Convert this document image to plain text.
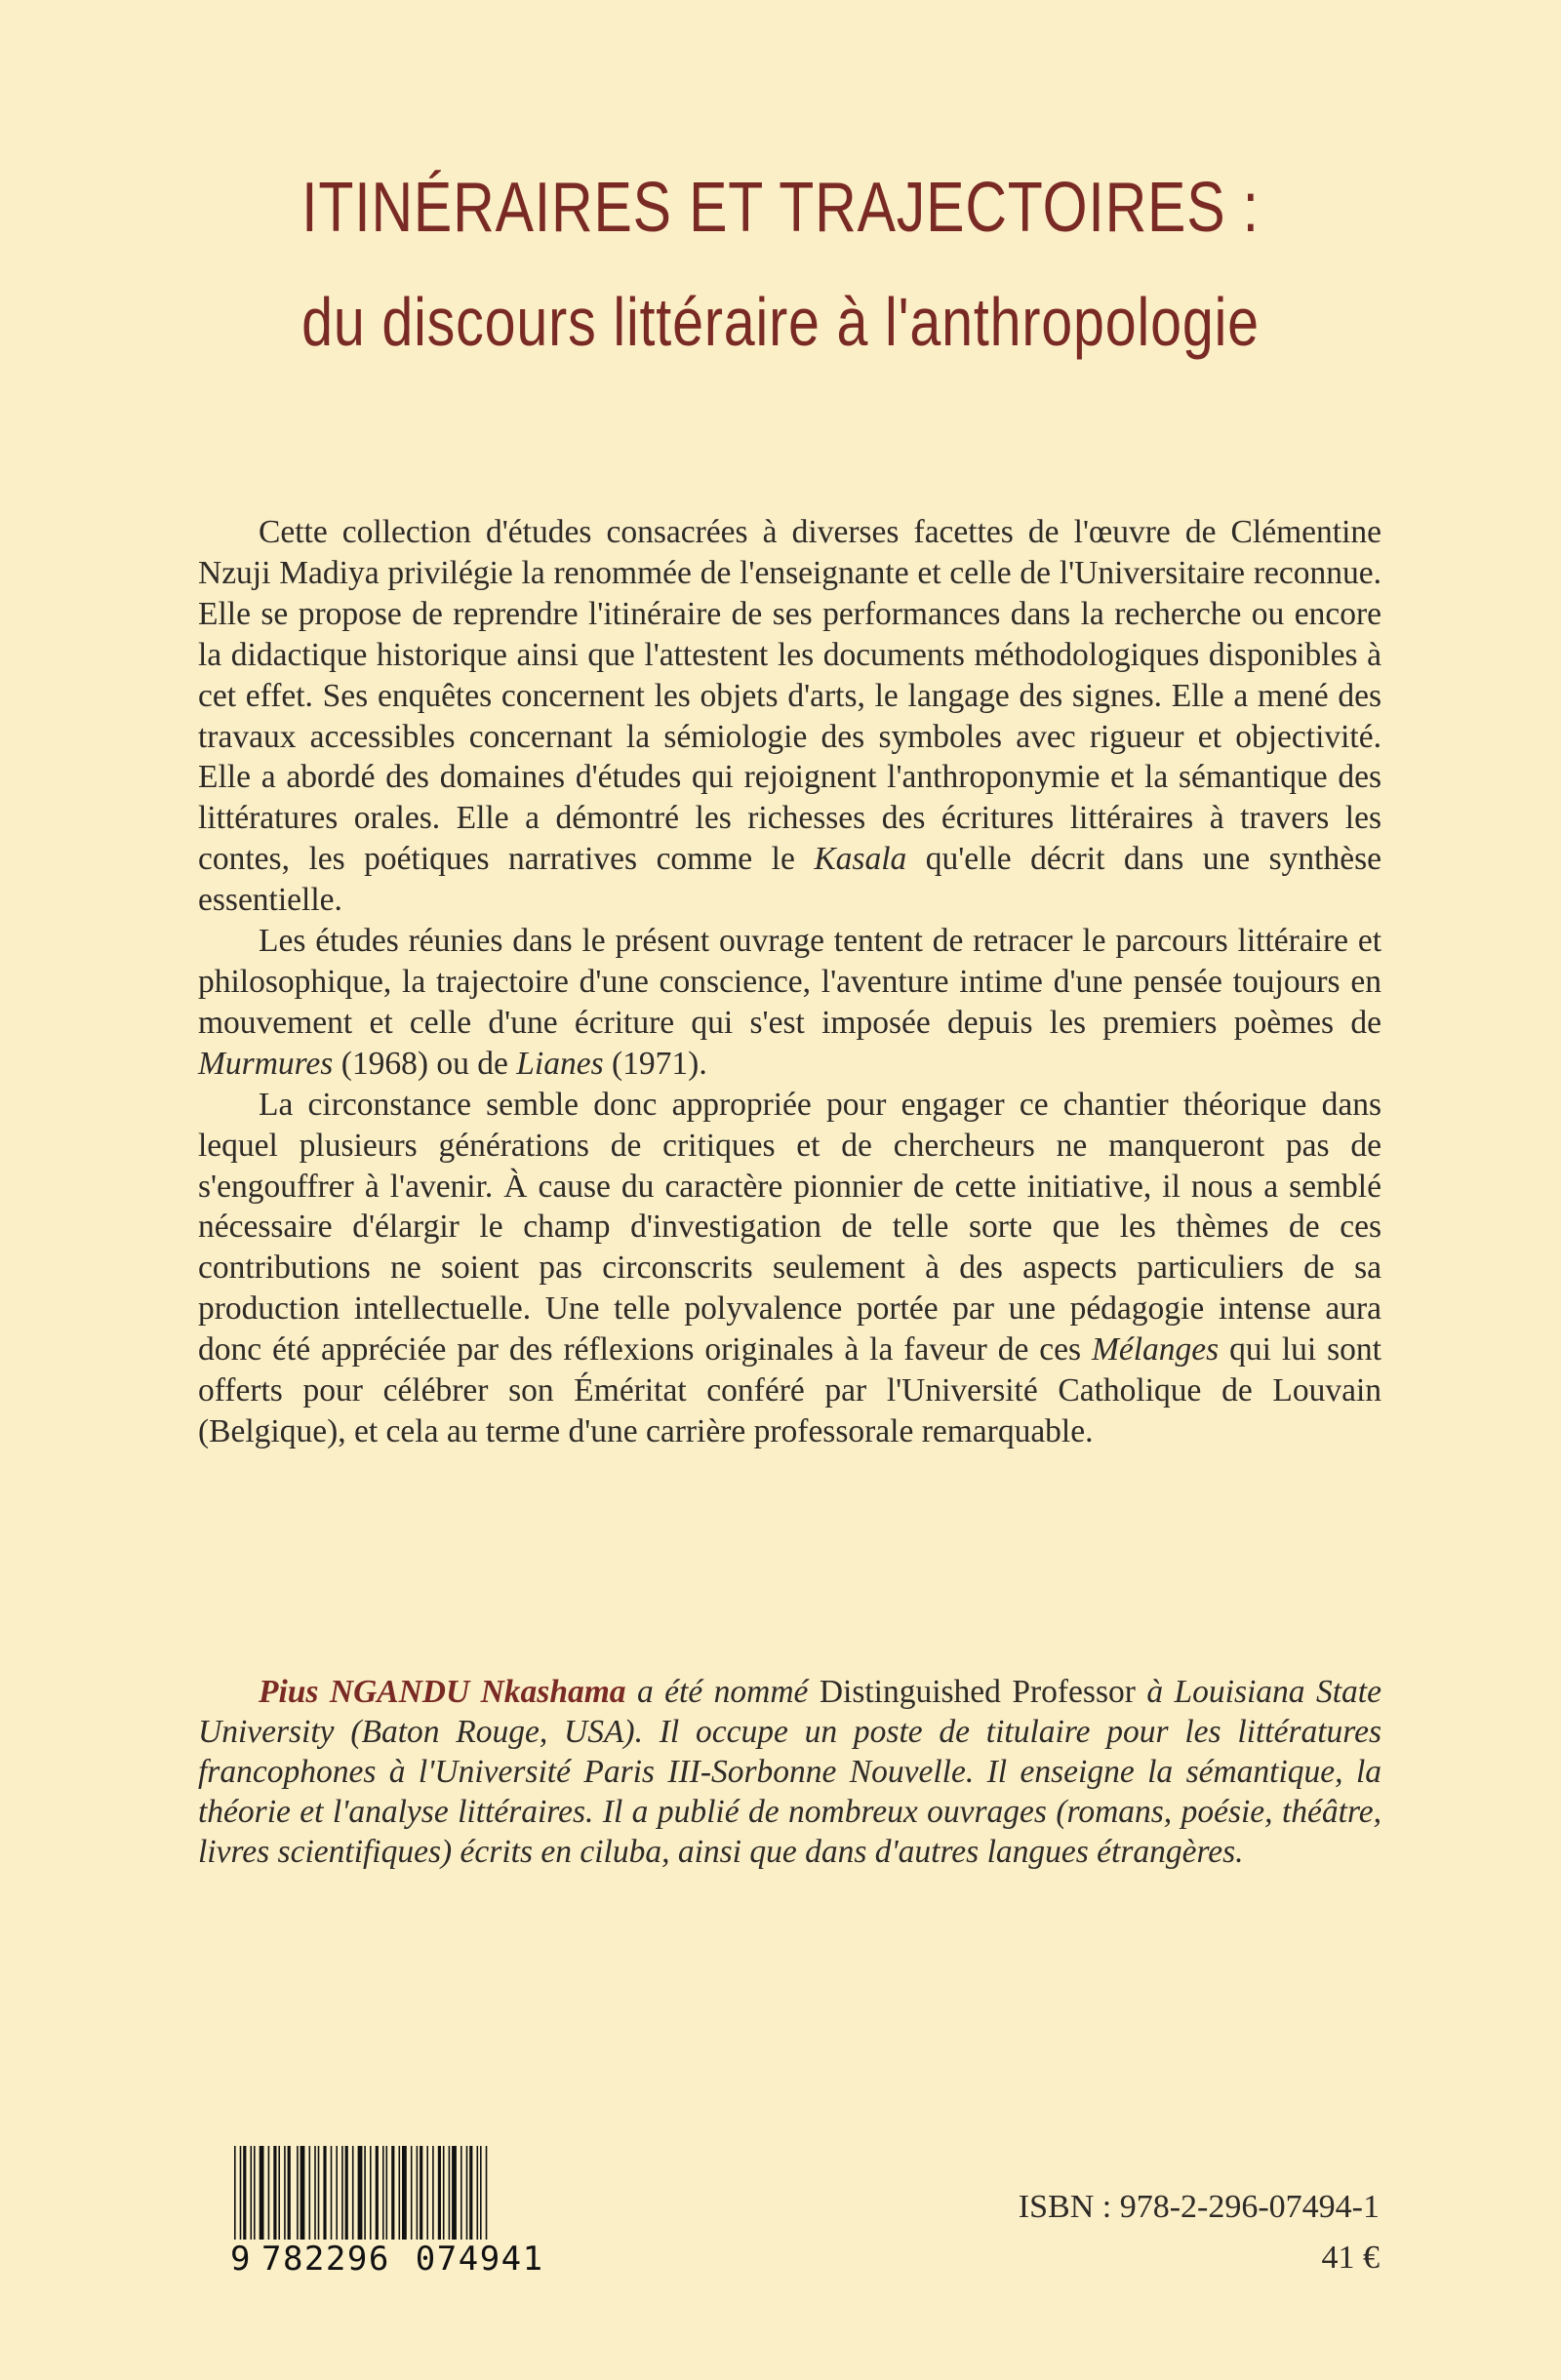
ITINÉRAIRES ET TRAJECTOIRES :
du discours littéraire à l'anthropologie

Cette collection d'études consacrées à diverses facettes de l'œuvre de Clémentine Nzuji Madiya privilégie la renommée de l'enseignante et celle de l'Universitaire reconnue. Elle se propose de reprendre l'itinéraire de ses performances dans la recherche ou encore la didactique historique ainsi que l'attestent les documents méthodologiques disponibles à cet effet. Ses enquêtes concernent les objets d'arts, le langage des signes. Elle a mené des travaux accessibles concernant la sémiologie des symboles avec rigueur et objectivité. Elle a abordé des domaines d'études qui rejoignent l'anthroponymie et la sémantique des littératures orales. Elle a démontré les richesses des écritures littéraires à travers les contes, les poétiques narratives comme le Kasala qu'elle décrit dans une synthèse essentielle.

Les études réunies dans le présent ouvrage tentent de retracer le parcours littéraire et philosophique, la trajectoire d'une conscience, l'aventure intime d'une pensée toujours en mouvement et celle d'une écriture qui s'est imposée depuis les premiers poèmes de Murmures (1968) ou de Lianes (1971).

La circonstance semble donc appropriée pour engager ce chantier théorique dans lequel plusieurs générations de critiques et de chercheurs ne manqueront pas de s'engouffrer à l'avenir. À cause du caractère pionnier de cette initiative, il nous a semblé nécessaire d'élargir le champ d'investigation de telle sorte que les thèmes de ces contributions ne soient pas circonscrits seulement à des aspects particuliers de sa production intellectuelle. Une telle polyvalence portée par une pédagogie intense aura donc été appréciée par des réflexions originales à la faveur de ces Mélanges qui lui sont offerts pour célébrer son Éméritat conféré par l'Université Catholique de Louvain (Belgique), et cela au terme d'une carrière professorale remarquable.

Pius NGANDU Nkashama a été nommé Distinguished Professor à Louisiana State University (Baton Rouge, USA). Il occupe un poste de titulaire pour les littératures francophones à l'Université Paris III-Sorbonne Nouvelle. Il enseigne la sémantique, la théorie et l'analyse littéraires. Il a publié de nombreux ouvrages (romans, poésie, théâtre, livres scientifiques) écrits en ciluba, ainsi que dans d'autres langues étrangères.

9 782296 074941
ISBN : 978-2-296-07494-1
41 €
